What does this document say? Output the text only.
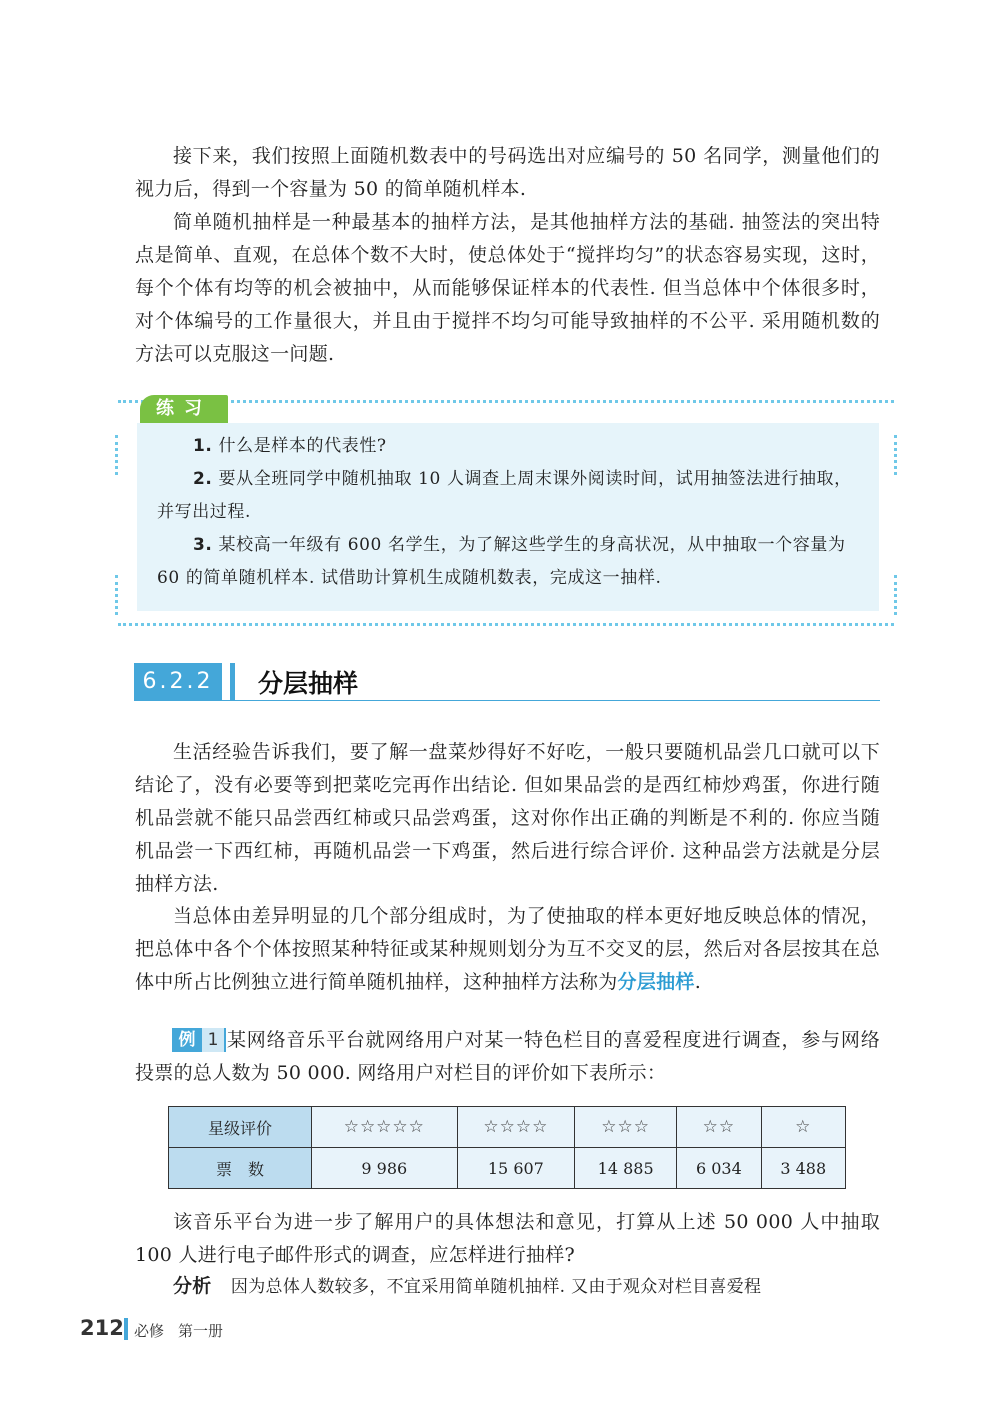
接下来，我们按照上面随机数表中的号码选出对应编号的 50 名同学，测量他们的视力后，得到一个容量为 50 的简单随机样本.

简单随机抽样是一种最基本的抽样方法，是其他抽样方法的基础. 抽签法的突出特点是简单、直观，在总体个数不大时，使总体处于“搅拌均匀”的状态容易实现，这时，每个个体有均等的机会被抽中，从而能够保证样本的代表性. 但当总体中个体很多时，对个体编号的工作量很大，并且由于搅拌不均匀可能导致抽样的不公平. 采用随机数的方法可以克服这一问题.

练习

1. 什么是样本的代表性?

2. 要从全班同学中随机抽取 10 人调查上周末课外阅读时间，试用抽签法进行抽取，并写出过程.

3. 某校高一年级有 600 名学生，为了解这些学生的身高状况，从中抽取一个容量为 60 的简单随机样本. 试借助计算机生成随机数表，完成这一抽样.

6.2.2	分层抽样

生活经验告诉我们，要了解一盘菜炒得好不好吃，一般只要随机品尝几口就可以下结论了，没有必要等到把菜吃完再作出结论. 但如果品尝的是西红柿炒鸡蛋，你进行随机品尝就不能只品尝西红柿或只品尝鸡蛋，这对你作出正确的判断是不利的. 你应当随机品尝一下西红柿，再随机品尝一下鸡蛋，然后进行综合评价. 这种品尝方法就是分层抽样方法.

当总体由差异明显的几个部分组成时，为了使抽取的样本更好地反映总体的情况，把总体中各个个体按照某种特征或某种规则划分为互不交叉的层，然后对各层按其在总体中所占比例独立进行简单随机抽样，这种抽样方法称为分层抽样.

例 1 某网络音乐平台就网络用户对某一特色栏目的喜爱程度进行调查，参与网络投票的总人数为 50 000. 网络用户对栏目的评价如下表所示：

星级评价	☆☆☆☆☆	☆☆☆☆	☆☆☆	☆☆	☆
票　数	9 986	15 607	14 885	6 034	3 488

该音乐平台为进一步了解用户的具体想法和意见，打算从上述 50 000 人中抽取 100 人进行电子邮件形式的调查，应怎样进行抽样?

分析　 因为总体人数较多，不宜采用简单随机抽样. 又由于观众对栏目喜爱程

212 必修 第一册
